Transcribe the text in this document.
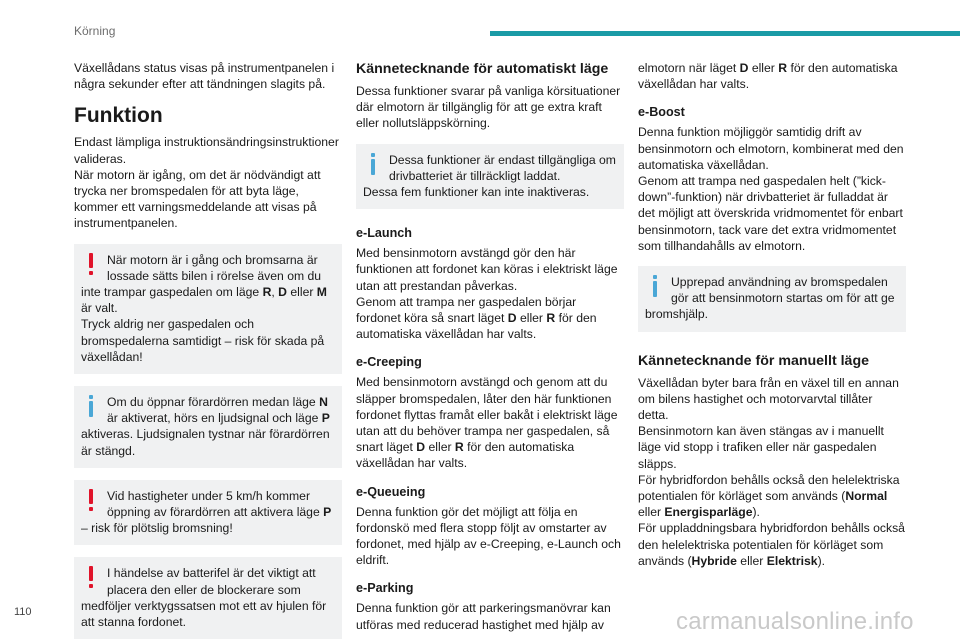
Körning

Växellådans status visas på instrumentpanelen i några sekunder efter att tändningen slagits på.

Funktion

Endast lämpliga instruktionsändringsinstruktioner valideras.
När motorn är igång, om det är nödvändigt att trycka ner bromspedalen för att byta läge, kommer ett varningsmeddelande att visas på instrumentpanelen.

När motorn är i gång och bromsarna är lossade sätts bilen i rörelse även om du inte trampar gaspedalen om läge R, D eller M är valt.
Tryck aldrig ner gaspedalen och bromspedalerna samtidigt – risk för skada på växellådan!
Om du öppnar förardörren medan läge N är aktiverat, hörs en ljudsignal och läge P aktiveras. Ljudsignalen tystnar när förardörren är stängd.
Vid hastigheter under 5 km/h kommer öppning av förardörren att aktivera läge P – risk för plötslig bromsning!
I händelse av batterifel är det viktigt att placera den eller de blockerare som medföljer verktygssatsen mot ett av hjulen för att stanna fordonet.
Kännetecknande för automatiskt läge

Dessa funktioner svarar på vanliga körsituationer där elmotorn är tillgänglig för att ge extra kraft eller nollutsläppskörning.

Dessa funktioner är endast tillgängliga om drivbatteriet är tillräckligt laddat.
Dessa fem funktioner kan inte inaktiveras.
e-Launch

Med bensinmotorn avstängd gör den här funktionen att fordonet kan köras i elektriskt läge utan att prestandan påverkas.
Genom att trampa ner gaspedalen börjar fordonet köra så snart läget D eller R för den automatiska växellådan har valts.

e-Creeping

Med bensinmotorn avstängd och genom att du släpper bromspedalen, låter den här funktionen fordonet flyttas framåt eller bakåt i elektriskt läge utan att du behöver trampa ner gaspedalen, så snart läget D eller R för den automatiska växellådan har valts.

e-Queueing

Denna funktion gör det möjligt att följa en fordonskö med flera stopp följt av omstarter av fordonet, med hjälp av e-Creeping, e-Launch och eldrift.

e-Parking

Denna funktion gör att parkeringsmanövrar kan utföras med reducerad hastighet med hjälp av

elmotorn när läget D eller R för den automatiska växellådan har valts.

e-Boost

Denna funktion möjliggör samtidig drift av bensinmotorn och elmotorn, kombinerat med den automatiska växellådan.
Genom att trampa ned gaspedalen helt (”kick-down”-funktion) när drivbatteriet är fulladdat är det möjligt att överskrida vridmomentet för enbart bensinmotorn, tack vare det extra vridmomentet som tillhandahålls av elmotorn.

Upprepad användning av bromspedalen gör att bensinmotorn startas om för att ge bromshjälp.
Kännetecknande för manuellt läge

Växellådan byter bara från en växel till en annan om bilens hastighet och motorvarvtal tillåter detta.
Bensinmotorn kan även stängas av i manuellt läge vid stopp i trafiken eller när gaspedalen släpps.
För hybridfordon behålls också den helelektriska potentialen för körläget som används (Normal
eller Energisparläge).
För uppladdningsbara hybridfordon behålls också den helelektriska potentialen för körläget som används (Hybride eller Elektrisk).

110	carmanualsonline.info
